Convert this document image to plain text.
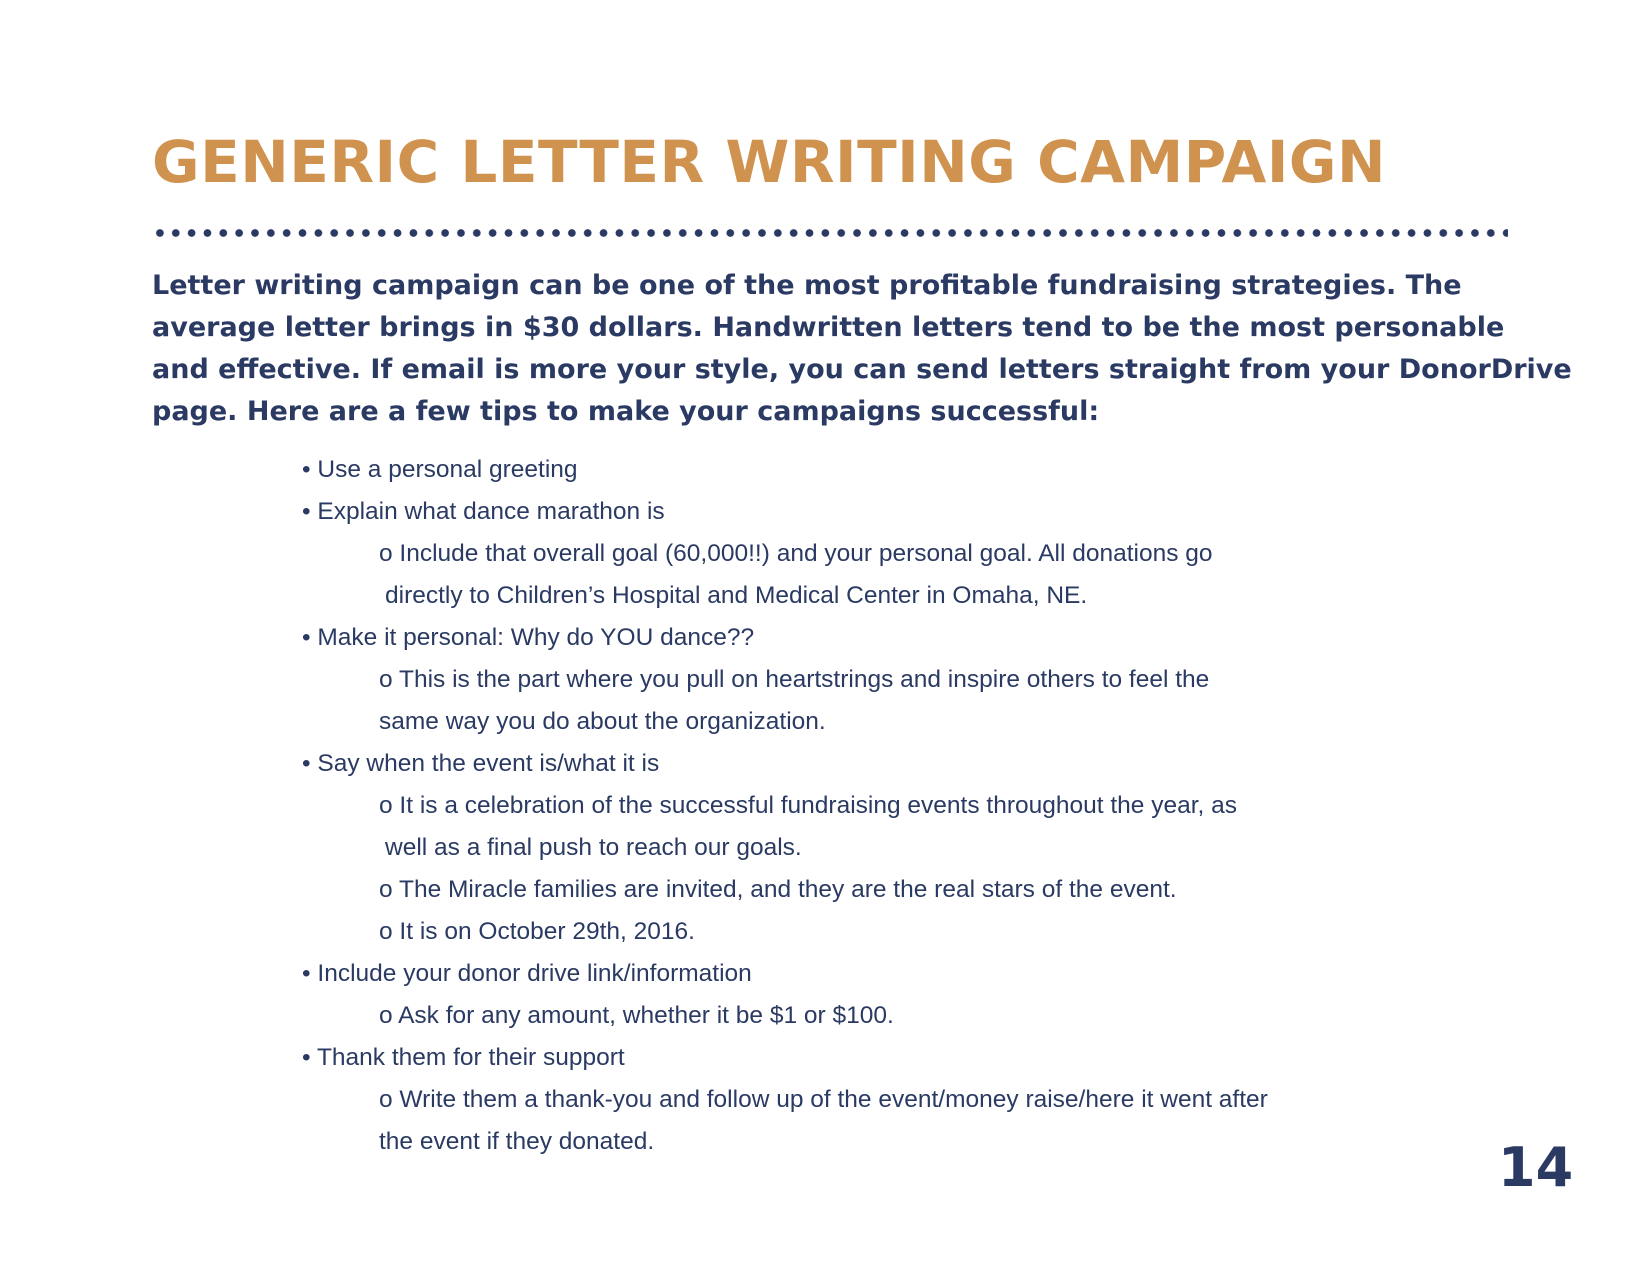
GENERIC LETTER WRITING CAMPAIGN

Letter writing campaign can be one of the most profitable fundraising strategies. The
average letter brings in $30 dollars. Handwritten letters tend to be the most personable
and effective. If email is more your style, you can send letters straight from your DonorDrive
page. Here are a few tips to make your campaigns successful:

• Use a personal greeting
• Explain what dance marathon is
o Include that overall goal (60,000!!) and your personal goal. All donations go
directly to Children’s Hospital and Medical Center in Omaha, NE.
• Make it personal: Why do YOU dance??
o This is the part where you pull on heartstrings and inspire others to feel the
same way you do about the organization.
• Say when the event is/what it is
o It is a celebration of the successful fundraising events throughout the year, as
well as a final push to reach our goals.
o The Miracle families are invited, and they are the real stars of the event.
o It is on October 29th, 2016.
• Include your donor drive link/information
o Ask for any amount, whether it be $1 or $100.
• Thank them for their support
o Write them a thank-you and follow up of the event/money raise/here it went after
the event if they donated.	14
